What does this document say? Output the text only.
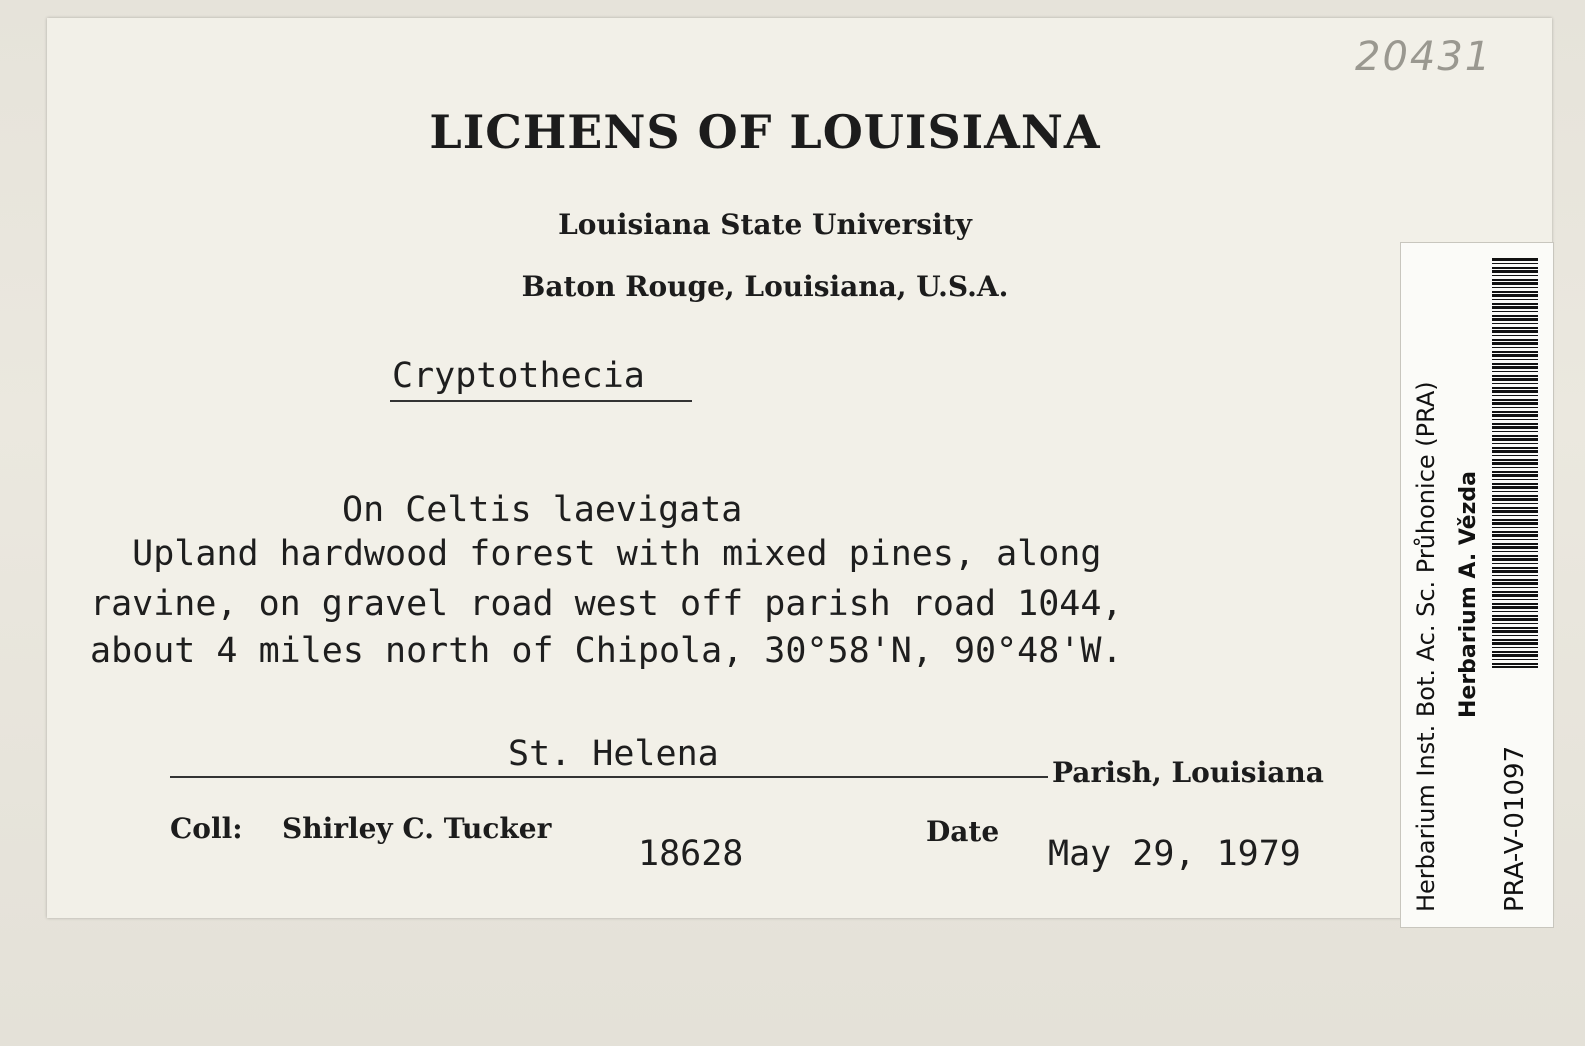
20431
LICHENS OF LOUISIANA
Louisiana State University
Baton Rouge, Louisiana, U.S.A.
Cryptothecia
On Celtis laevigata
Upland hardwood forest with mixed pines, along
ravine, on gravel road west off parish road 1044,
about 4 miles north of Chipola, 30°58'N, 90°48'W.
St. Helena	Parish, Louisiana
Coll: Shirley C. Tucker
18628
Date
May 29, 1979	Herbarium Inst. Bot. Ac. Sc. Průhonice (PRA) Herbarium A. Vězda
PRA-V-01097
